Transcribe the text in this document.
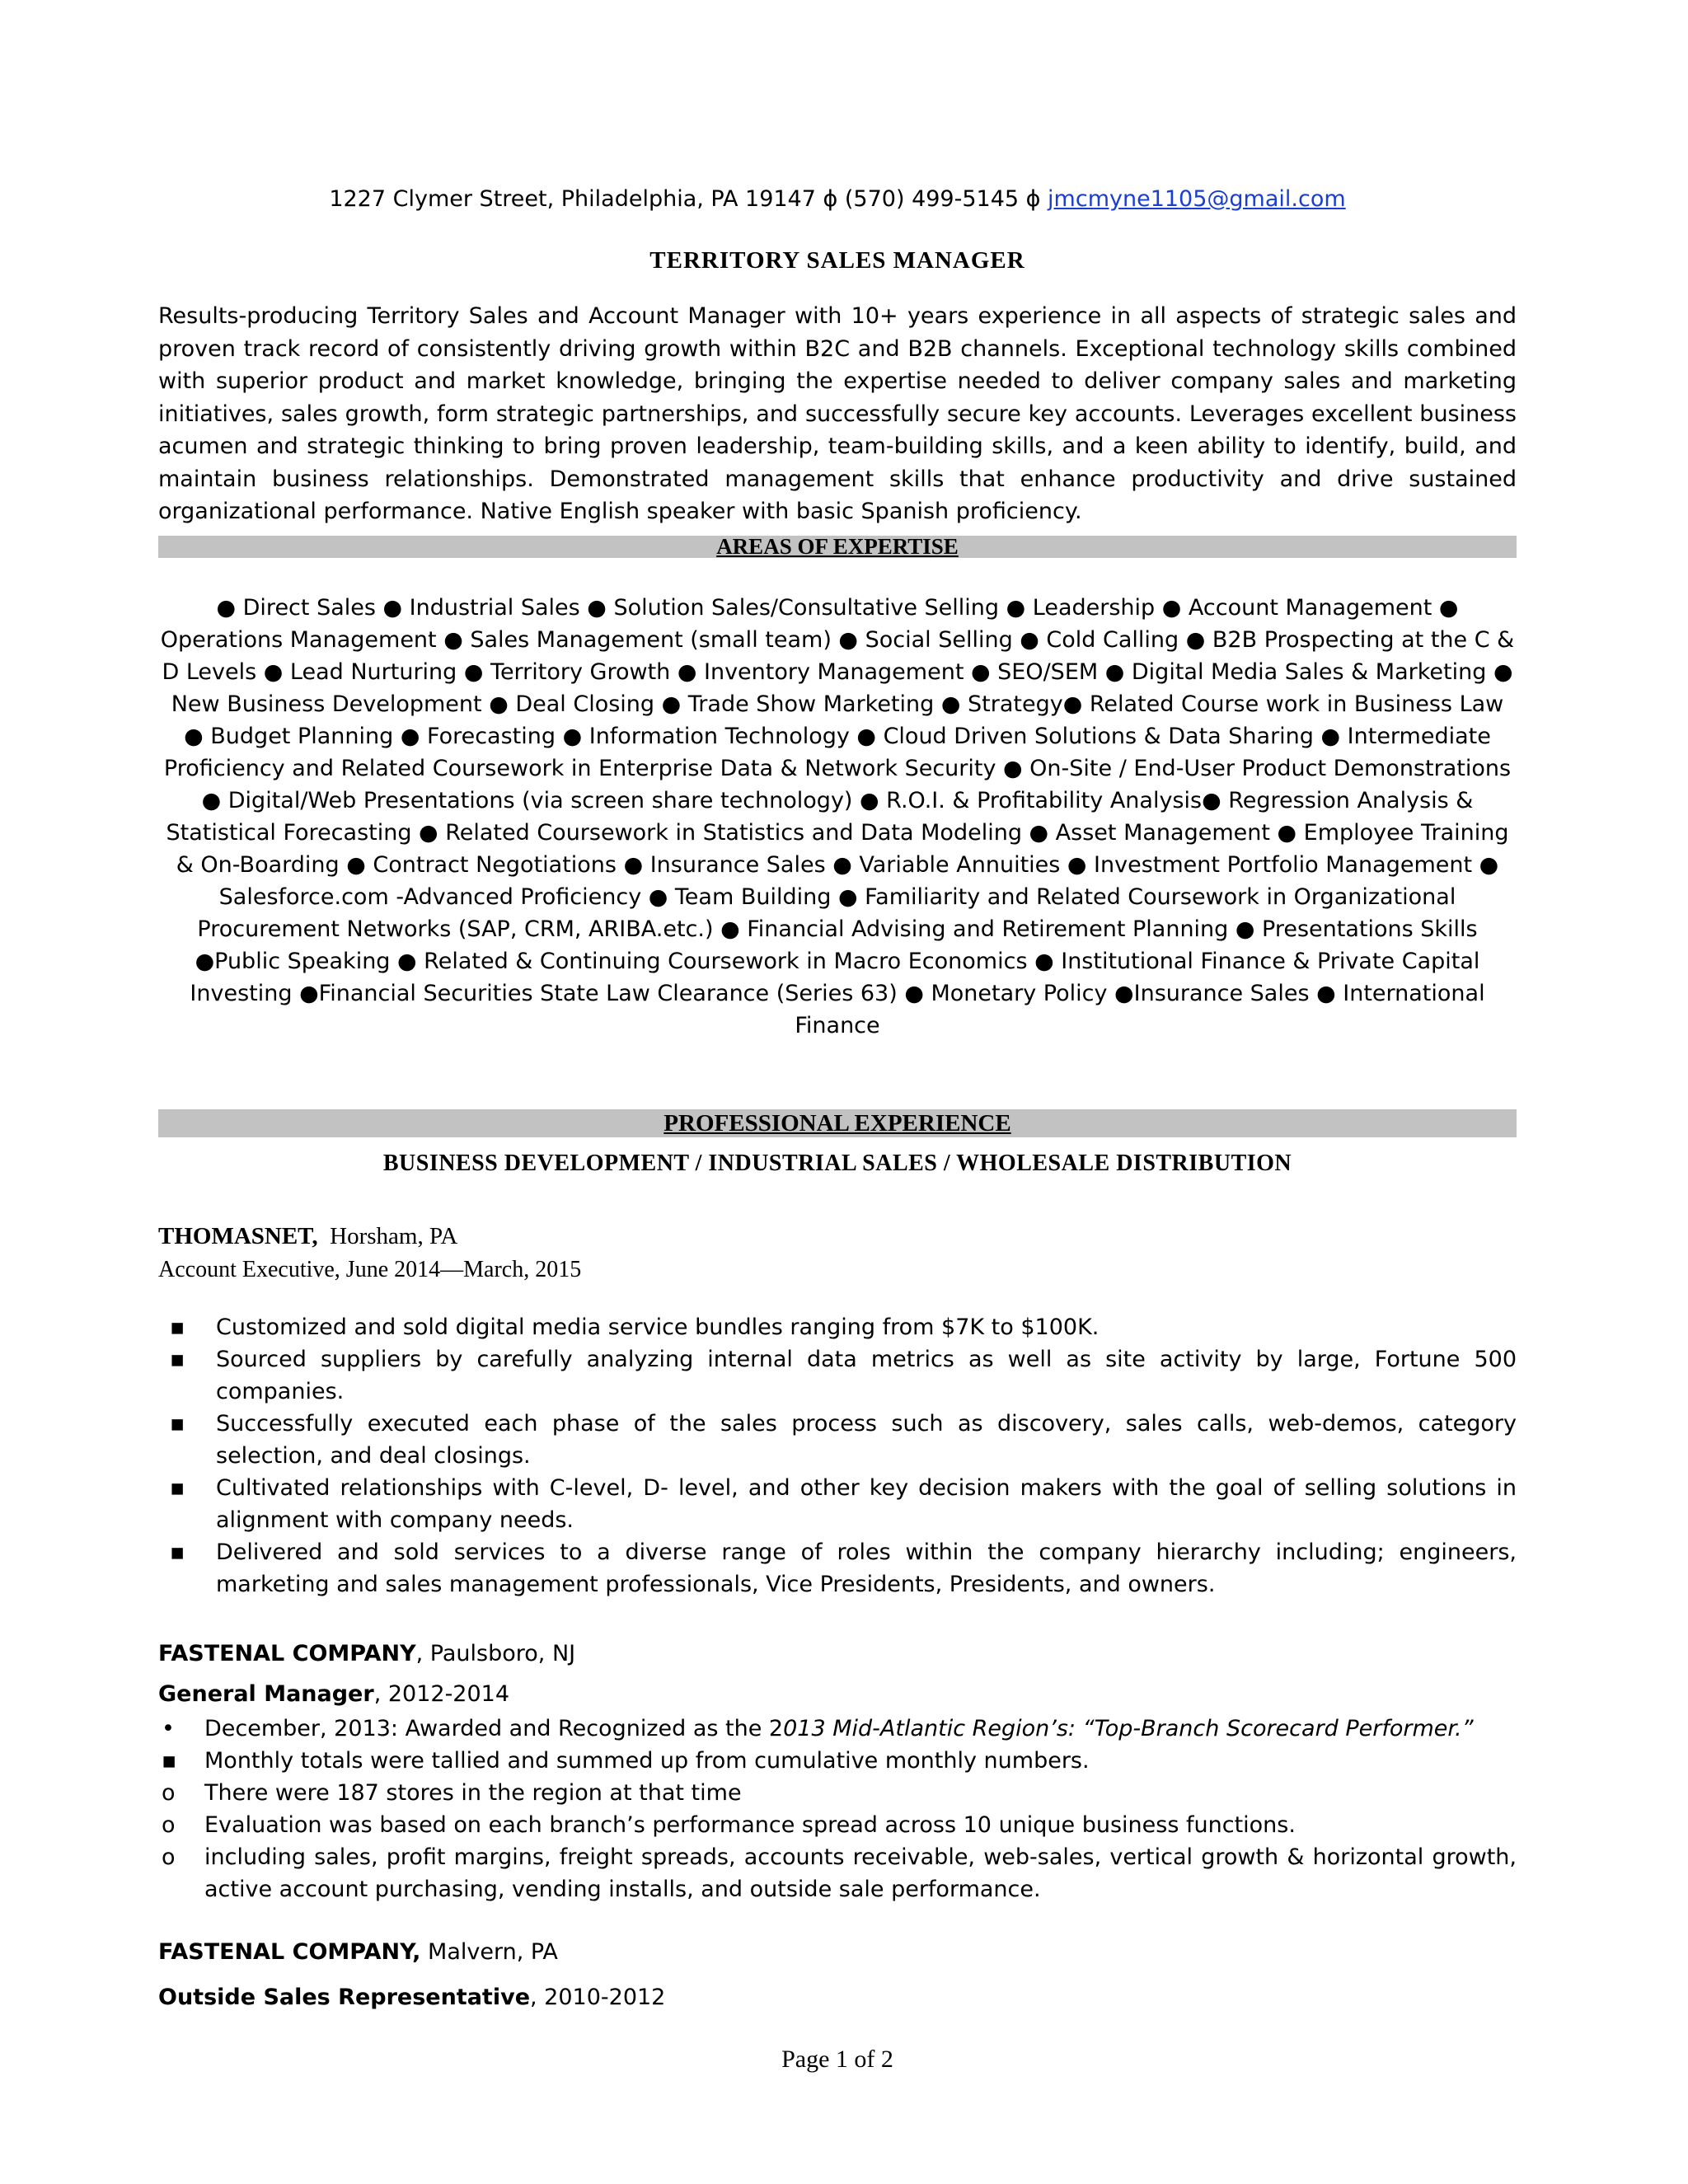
1227 Clymer Street, Philadelphia, PA 19147 ϕ (570) 499-5145 ϕ jmcmyne1105@gmail.com
TERRITORY SALES MANAGER

Results-producing Territory Sales and Account Manager with 10+ years experience in all aspects of strategic sales and proven track record of consistently driving growth within B2C and B2B channels. Exceptional technology skills combined with superior product and market knowledge, bringing the expertise needed to deliver company sales and marketing initiatives, sales growth, form strategic partnerships, and successfully secure key accounts. Leverages excellent business acumen and strategic thinking to bring proven leadership, team-building skills, and a keen ability to identify, build, and maintain business relationships. Demonstrated management skills that enhance productivity and drive sustained organizational performance. Native English speaker with basic Spanish proficiency.

AREAS OF EXPERTISE

● Direct Sales ● Industrial Sales ● Solution Sales/Consultative Selling ● Leadership ● Account Management ● Operations Management ● Sales Management (small team) ● Social Selling ● Cold Calling ● B2B Prospecting at the C & D Levels ● Lead Nurturing ● Territory Growth ● Inventory Management ● SEO/SEM ● Digital Media Sales & Marketing ● New Business Development ● Deal Closing ● Trade Show Marketing ● Strategy● Related Course work in Business Law ● Budget Planning ● Forecasting ● Information Technology ● Cloud Driven Solutions & Data Sharing ● Intermediate Proficiency and Related Coursework in Enterprise Data & Network Security ● On-Site / End-User Product Demonstrations ● Digital/Web Presentations (via screen share technology) ● R.O.I. & Profitability Analysis● Regression Analysis & Statistical Forecasting ● Related Coursework in Statistics and Data Modeling ● Asset Management ● Employee Training & On-Boarding ● Contract Negotiations ● Insurance Sales ● Variable Annuities ● Investment Portfolio Management ● Salesforce.com -Advanced Proficiency ● Team Building ● Familiarity and Related Coursework in Organizational Procurement Networks (SAP, CRM, ARIBA.etc.) ● Financial Advising and Retirement Planning ● Presentations Skills ●Public Speaking ● Related & Continuing Coursework in Macro Economics ● Institutional Finance & Private Capital Investing ●Financial Securities State Law Clearance (Series 63) ● Monetary Policy ●Insurance Sales ● International Finance

PROFESSIONAL EXPERIENCE
BUSINESS DEVELOPMENT / INDUSTRIAL SALES / WHOLESALE DISTRIBUTION
THOMASNET, Horsham, PA
Account Executive, June 2014—March, 2015
▪ Customized and sold digital media service bundles ranging from $7K to $100K.
▪ Sourced suppliers by carefully analyzing internal data metrics as well as site activity by large, Fortune 500 companies.
▪ Successfully executed each phase of the sales process such as discovery, sales calls, web-demos, category selection, and deal closings.
▪ Cultivated relationships with C-level, D- level, and other key decision makers with the goal of selling solutions in alignment with company needs.
▪ Delivered and sold services to a diverse range of roles within the company hierarchy including; engineers, marketing and sales management professionals, Vice Presidents, Presidents, and owners.
FASTENAL COMPANY, Paulsboro, NJ
General Manager, 2012-2014
• December, 2013: Awarded and Recognized as the 2013 Mid-Atlantic Region’s: “Top-Branch Scorecard Performer.”
▪ Monthly totals were tallied and summed up from cumulative monthly numbers.
o There were 187 stores in the region at that time
o Evaluation was based on each branch’s performance spread across 10 unique business functions.
o including sales, profit margins, freight spreads, accounts receivable, web-sales, vertical growth & horizontal growth, active account purchasing, vending installs, and outside sale performance.
FASTENAL COMPANY, Malvern, PA
Outside Sales Representative, 2010-2012
Page 1 of 2
